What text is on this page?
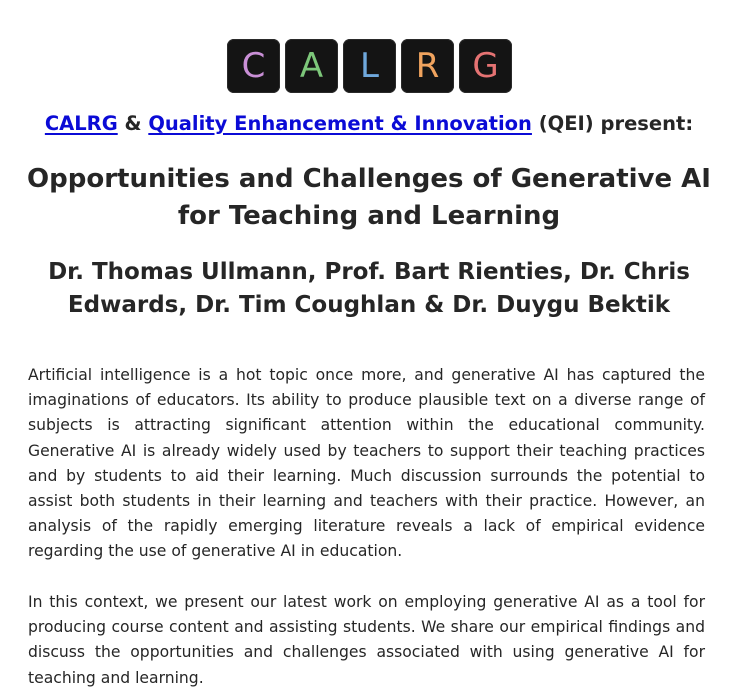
C A L R G
CALRG & Quality Enhancement & Innovation (QEI) present:
Opportunities and Challenges of Generative AI for Teaching and Learning
Dr. Thomas Ullmann, Prof. Bart Rienties, Dr. Chris Edwards, Dr. Tim Coughlan & Dr. Duygu Bektik

Artificial intelligence is a hot topic once more, and generative AI has captured the imaginations of educators. Its ability to produce plausible text on a diverse range of subjects is attracting significant attention within the educational community. Generative AI is already widely used by teachers to support their teaching practices and by students to aid their learning. Much discussion surrounds the potential to assist both students in their learning and teachers with their practice. However, an analysis of the rapidly emerging literature reveals a lack of empirical evidence regarding the use of generative AI in education.

In this context, we present our latest work on employing generative AI as a tool for producing course content and assisting students. We share our empirical findings and discuss the opportunities and challenges associated with using generative AI for teaching and learning.
